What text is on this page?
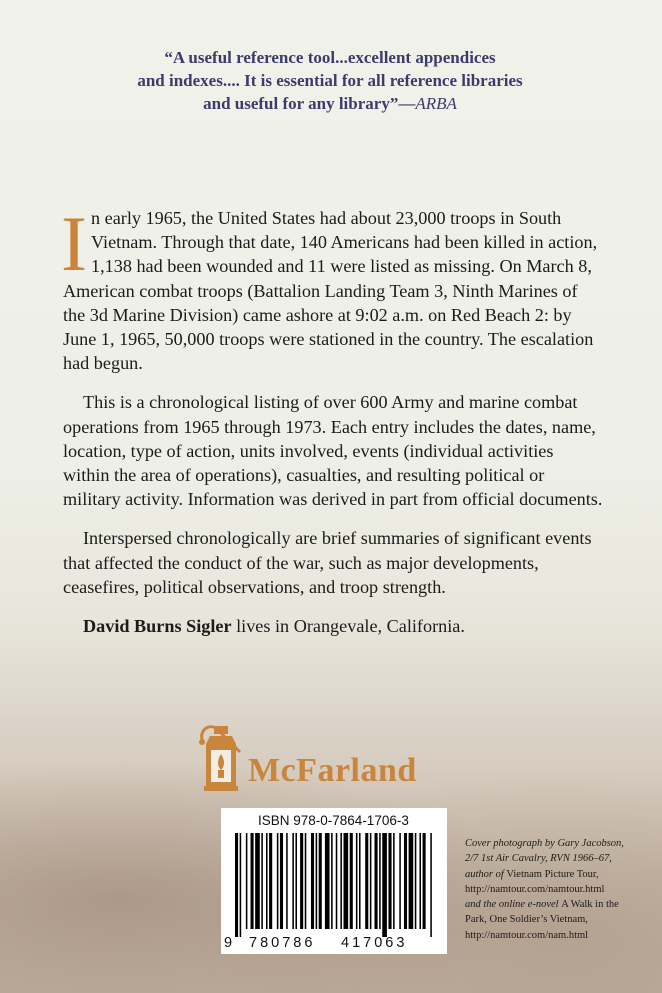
“A useful reference tool...excellent appendices
and indexes.... It is essential for all reference libraries
and useful for any library”—ARBA

In early 1965, the United States had about 23,000 troops in South Vietnam. Through that date, 140 Americans had been killed in action, 1,138 had been wounded and 11 were listed as missing. On March 8, American combat troops (Battalion Landing Team 3, Ninth Marines of the 3d Marine Division) came ashore at 9:02 a.m. on Red Beach 2: by June 1, 1965, 50,000 troops were stationed in the country. The escalation had begun.

This is a chronological listing of over 600 Army and marine combat operations from 1965 through 1973. Each entry includes the dates, name, location, type of action, units involved, events (individual activities within the area of operations), casualties, and resulting political or military activity. Information was derived in part from official documents.

Interspersed chronologically are brief summaries of significant events that affected the conduct of the war, such as major developments, ceasefires, political observations, and troop strength.

David Burns Sigler lives in Orangevale, California.

McFarland
ISBN 978-0-7864-1706-3
9 780786 417063
Cover photograph by Gary Jacobson,
2/7 1st Air Cavalry, RVN 1966–67,
author of Vietnam Picture Tour,
http://namtour.com/namtour.html
and the online e-novel A Walk in the
Park, One Soldier’s Vietnam,
http://namtour.com/nam.html
